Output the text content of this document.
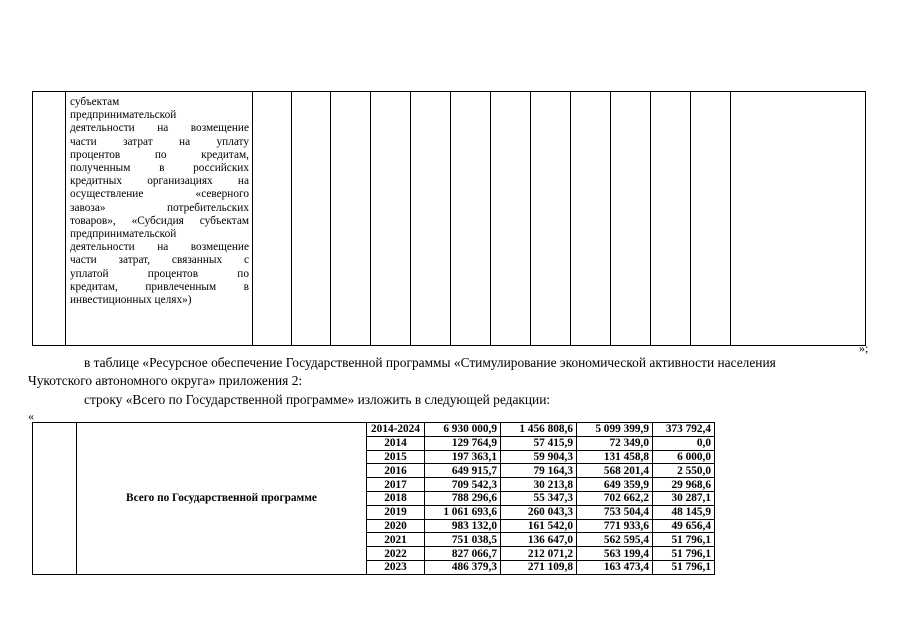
субъектам
предпринимательской
деятельности на возмещение
части затрат на уплату
процентов по кредитам,
полученным в российских
кредитных организациях на
осуществление «северного
завоза» потребительских
товаров», «Субсидия субъектам
предпринимательской
деятельности на возмещение
части затрат, связанных с
уплатой процентов по
кредитам, привлеченным в
инвестиционных целях»)

»;
в таблице «Ресурсное обеспечение Государственной программы «Стимулирование экономической активности населения
Чукотского автономного округа» приложения 2:
строку «Всего по Государственной программе» изложить в следующей редакции:
«
	Всего по Государственной программе	2014-2024	6 930 000,9	1 456 808,6	5 099 399,9	373 792,4	
		2014	129 764,9	57 415,9	72 349,0	0,0	
		2015	197 363,1	59 904,3	131 458,8	6 000,0	
		2016	649 915,7	79 164,3	568 201,4	2 550,0	
		2017	709 542,3	30 213,8	649 359,9	29 968,6	
		2018	788 296,6	55 347,3	702 662,2	30 287,1	
		2019	1 061 693,6	260 043,3	753 504,4	48 145,9	
		2020	983 132,0	161 542,0	771 933,6	49 656,4	
		2021	751 038,5	136 647,0	562 595,4	51 796,1	
		2022	827 066,7	212 071,2	563 199,4	51 796,1	
		2023	486 379,3	271 109,8	163 473,4	51 796,1	
